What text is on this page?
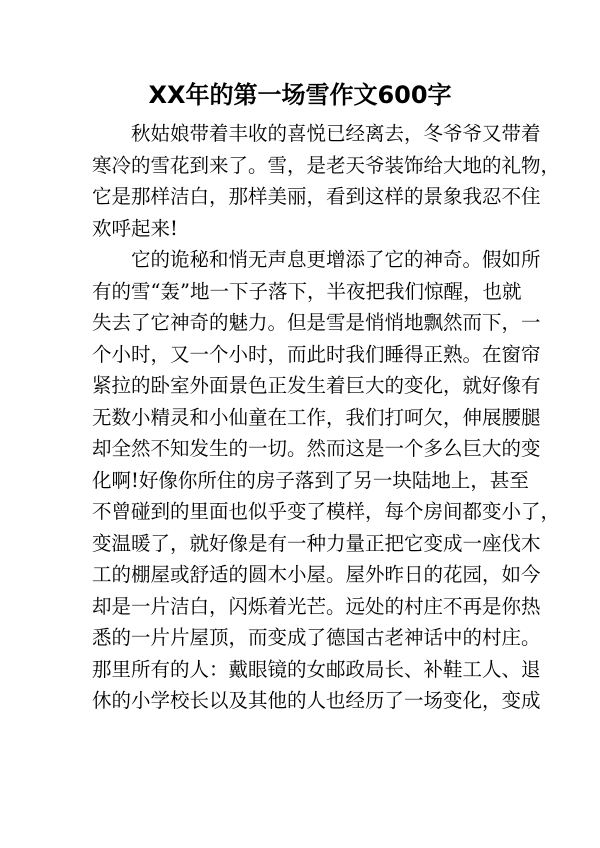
XX年的第一场雪作文600字
秋姑娘带着丰收的喜悦已经离去，冬爷爷又带着
寒冷的雪花到来了。雪，是老天爷装饰给大地的礼物，
它是那样洁白，那样美丽，看到这样的景象我忍不住
欢呼起来!
它的诡秘和悄无声息更增添了它的神奇。假如所
有的雪“轰”地一下子落下，半夜把我们惊醒，也就
失去了它神奇的魅力。但是雪是悄悄地飘然而下，一
个小时，又一个小时，而此时我们睡得正熟。在窗帘
紧拉的卧室外面景色正发生着巨大的变化，就好像有
无数小精灵和小仙童在工作，我们打呵欠，伸展腰腿
却全然不知发生的一切。然而这是一个多么巨大的变
化啊!好像你所住的房子落到了另一块陆地上，甚至
不曾碰到的里面也似乎变了模样，每个房间都变小了，
变温暖了，就好像是有一种力量正把它变成一座伐木
工的棚屋或舒适的圆木小屋。屋外昨日的花园，如今
却是一片洁白，闪烁着光芒。远处的村庄不再是你热
悉的一片片屋顶，而变成了德国古老神话中的村庄。
那里所有的人：戴眼镜的女邮政局长、补鞋工人、退
休的小学校长以及其他的人也经历了一场变化，变成
